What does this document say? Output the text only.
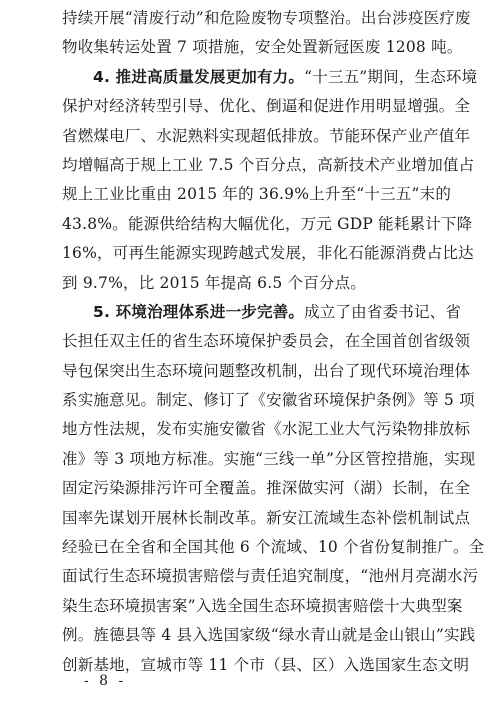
持续开展“清废行动”和危险废物专项整治。出台涉疫医疗废
物收集转运处置 7 项措施，安全处置新冠医废 1208 吨。
4. 推进高质量发展更加有力。“十三五”期间，生态环境
保护对经济转型引导、优化、倒逼和促进作用明显增强。全
省燃煤电厂、水泥熟料实现超低排放。节能环保产业产值年
均增幅高于规上工业 7.5 个百分点，高新技术产业增加值占
规上工业比重由 2015 年的 36.9%上升至“十三五”末的
43.8%。能源供给结构大幅优化，万元 GDP 能耗累计下降
16%，可再生能源实现跨越式发展，非化石能源消费占比达
到 9.7%，比 2015 年提高 6.5 个百分点。
5. 环境治理体系进一步完善。成立了由省委书记、省
长担任双主任的省生态环境保护委员会，在全国首创省级领
导包保突出生态环境问题整改机制，出台了现代环境治理体
系实施意见。制定、修订了《安徽省环境保护条例》等 5 项
地方性法规，发布实施安徽省《水泥工业大气污染物排放标
准》等 3 项地方标准。实施“三线一单”分区管控措施，实现
固定污染源排污许可全覆盖。推深做实河（湖）长制，在全
国率先谋划开展林长制改革。新安江流域生态补偿机制试点
经验已在全省和全国其他 6 个流域、10 个省份复制推广。全
面试行生态环境损害赔偿与责任追究制度，“池州月亮湖水污
染生态环境损害案”入选全国生态环境损害赔偿十大典型案
例。旌德县等 4 县入选国家级“绿水青山就是金山银山”实践
创新基地，宣城市等 11 个市（县、区）入选国家生态文明
- 8 -
